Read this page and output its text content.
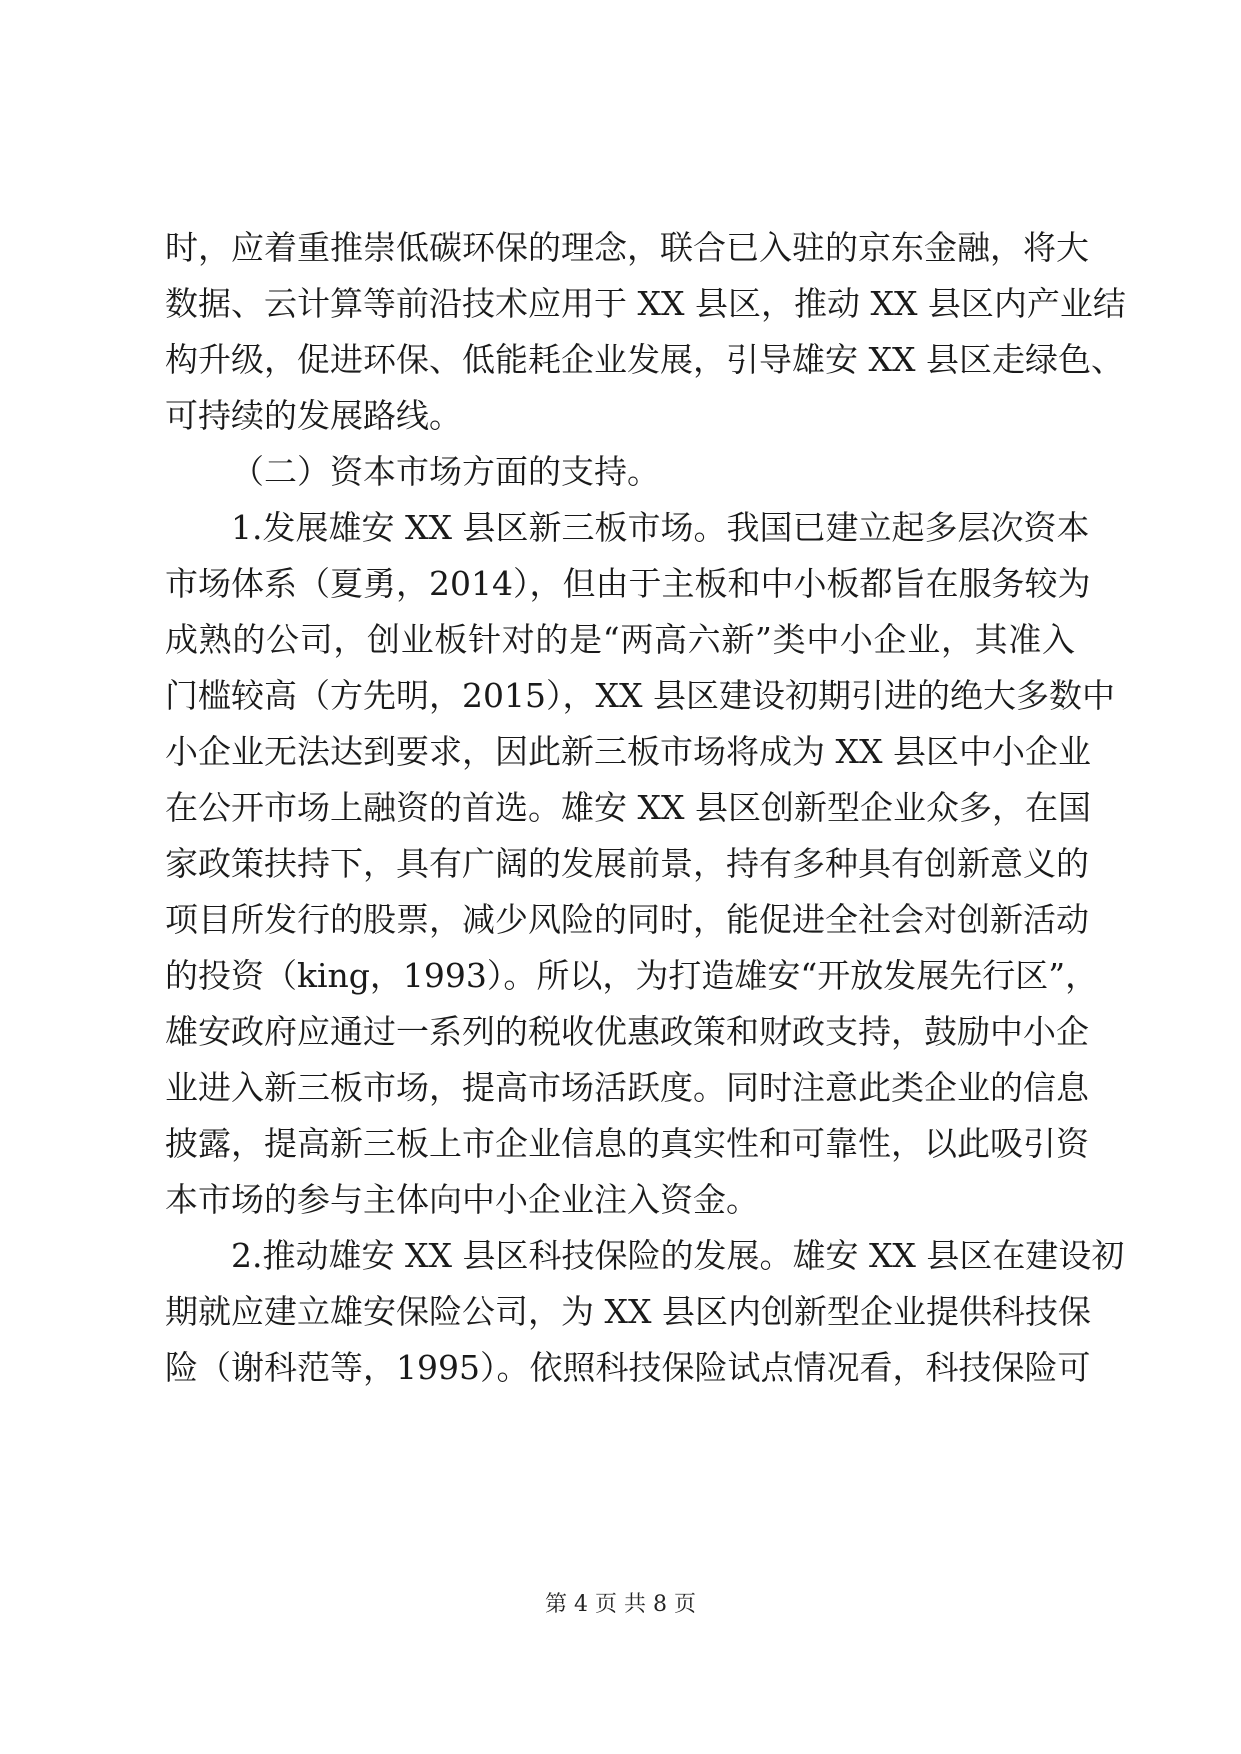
时，应着重推崇低碳环保的理念，联合已入驻的京东金融，将大
数据、云计算等前沿技术应用于 XX 县区，推动 XX 县区内产业结
构升级，促进环保、低能耗企业发展，引导雄安 XX 县区走绿色、
可持续的发展路线。
（二）资本市场方面的支持。
1.发展雄安 XX 县区新三板市场。我国已建立起多层次资本
市场体系（夏勇，2014），但由于主板和中小板都旨在服务较为
成熟的公司，创业板针对的是“两高六新”类中小企业，其准入
门槛较高（方先明，2015），XX 县区建设初期引进的绝大多数中
小企业无法达到要求，因此新三板市场将成为 XX 县区中小企业
在公开市场上融资的首选。雄安 XX 县区创新型企业众多，在国
家政策扶持下，具有广阔的发展前景，持有多种具有创新意义的
项目所发行的股票，减少风险的同时，能促进全社会对创新活动
的投资（king，1993）。所以，为打造雄安“开放发展先行区”，
雄安政府应通过一系列的税收优惠政策和财政支持，鼓励中小企
业进入新三板市场，提高市场活跃度。同时注意此类企业的信息
披露，提高新三板上市企业信息的真实性和可靠性，以此吸引资
本市场的参与主体向中小企业注入资金。
2.推动雄安 XX 县区科技保险的发展。雄安 XX 县区在建设初
期就应建立雄安保险公司，为 XX 县区内创新型企业提供科技保
险（谢科范等，1995）。依照科技保险试点情况看，科技保险可
第 4 页 共 8 页
